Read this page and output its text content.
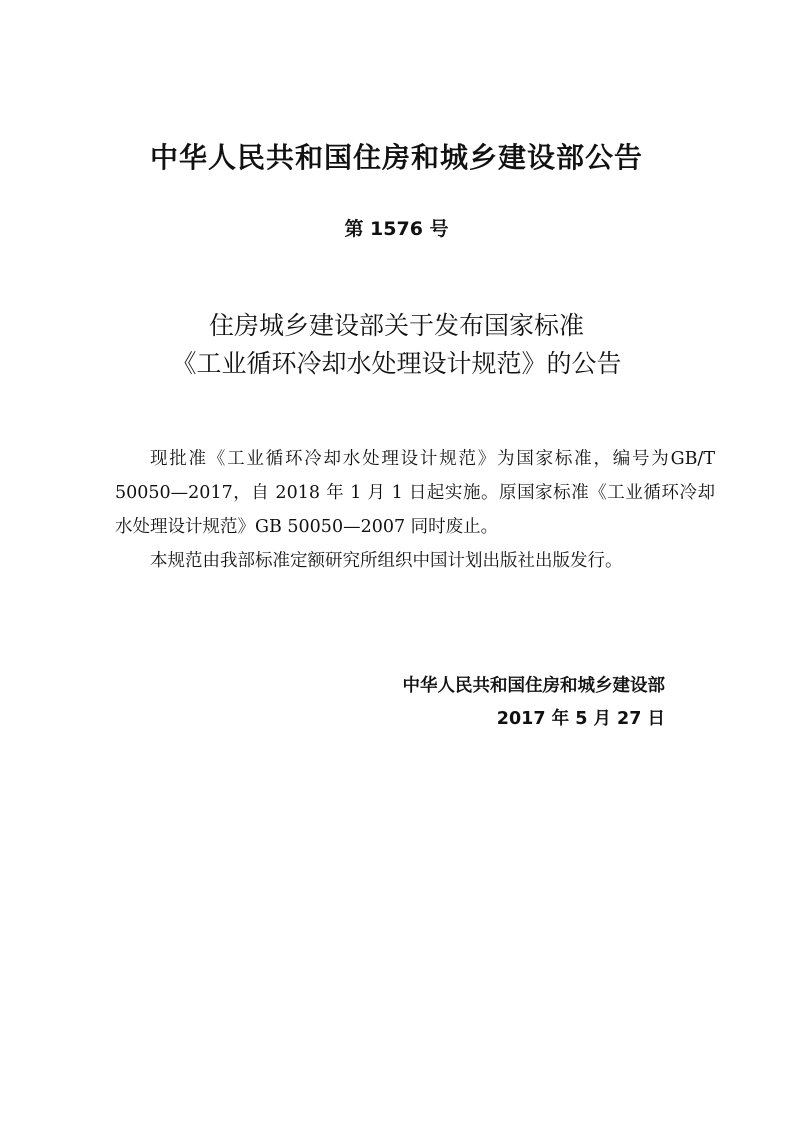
中华人民共和国住房和城乡建设部公告
第 1576 号
住房城乡建设部关于发布国家标准
《工业循环冷却水处理设计规范》的公告

现批准《工业循环冷却水处理设计规范》为国家标准，编号为GB/T 50050—2017，自 2018 年 1 月 1 日起实施。原国家标准《工业循环冷却水处理设计规范》GB 50050—2007 同时废止。

本规范由我部标准定额研究所组织中国计划出版社出版发行。

中华人民共和国住房和城乡建设部
2017 年 5 月 27 日
